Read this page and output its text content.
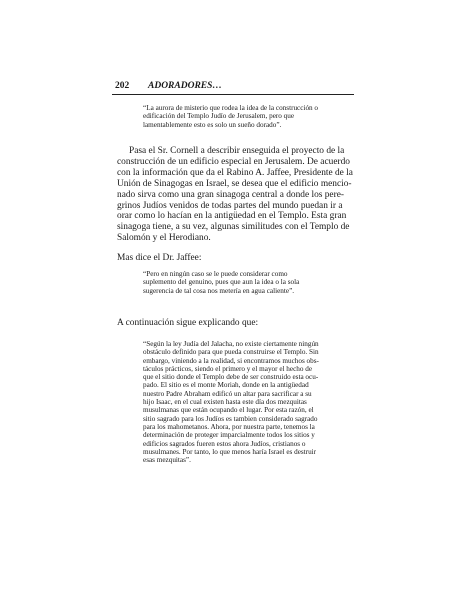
202 ADORADORES…
“La aurora de misterio que rodea la idea de la construcción o
edificación del Templo Judío de Jerusalem, pero que
lamentablemente esto es solo un sueño dorado”.
Pasa el Sr. Cornell a describir enseguida el proyecto de la
construcción de un edificio especial en Jerusalem. De acuerdo
con la información que da el Rabino A. Jaffee, Presidente de la
Unión de Sinagogas en Israel, se desea que el edificio mencio-
nado sirva como una gran sinagoga central a donde los pere-
grinos Judíos venidos de todas partes del mundo puedan ir a
orar como lo hacían en la antigüedad en el Templo. Esta gran
sinagoga tiene, a su vez, algunas similitudes con el Templo de
Salomón y el Herodiano.
Mas dice el Dr. Jaffee:
“Pero en ningún caso se le puede considerar como
suplemento del genuino, pues que aun la idea o la sola
sugerencia de tal cosa nos metería en agua caliente”.
A continuación sigue explicando que:
“Según la ley Judía del Jalacha, no existe ciertamente ningún
obstáculo definido para que pueda construirse el Templo. Sin
embargo, viniendo a la realidad, si encontramos muchos obs-
táculos prácticos, siendo el primero y el mayor el hecho de
que el sitio donde el Templo debe de ser construido esta ocu-
pado. El sitio es el monte Moriah, donde en la antigüedad
nuestro Padre Abraham edificó un altar para sacrificar a su
hijo Isaac, en el cual existen hasta este día dos mezquitas
musulmanas que están ocupando el lugar. Por esta razón, el
sitio sagrado para los Judíos es tambien considerado sagrado
para los mahometanos. Ahora, por nuestra parte, tenemos la
determinación de proteger imparcialmente todos los sitios y
edificios sagrados fueren estos ahora Judíos, cristianos o
musulmanes. Por tanto, lo que menos haría Israel es destruir
esas mezquitas”.
